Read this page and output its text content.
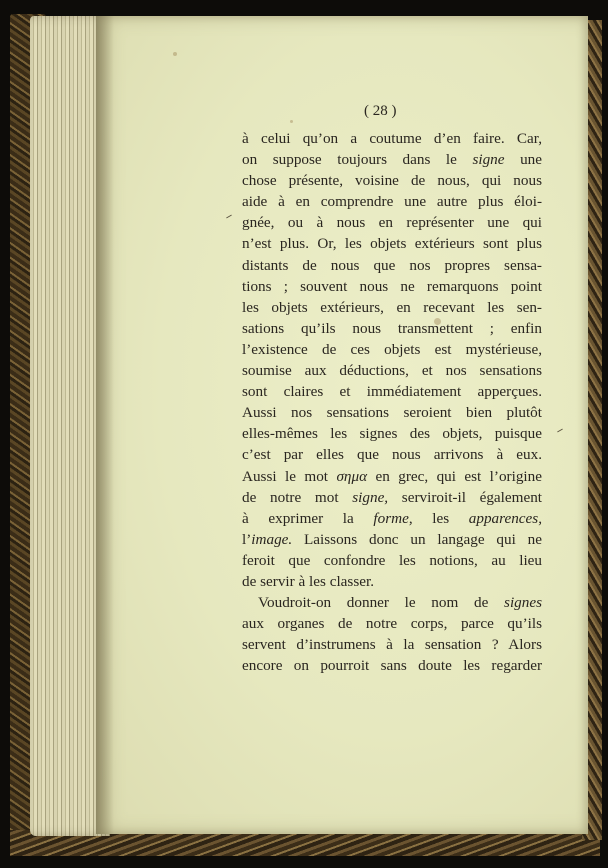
( 28 )
à celui qu’on a coutume d’en faire. Car,
on suppose toujours dans le signe une
chose présente, voisine de nous, qui nous
aide à en comprendre une autre plus éloi-
gnée, ou à nous en représenter une qui
n’est plus. Or, les objets extérieurs sont plus
distants de nous que nos propres sensa-
tions ; souvent nous ne remarquons point
les objets extérieurs, en recevant les sen-
sations qu’ils nous transmettent ; enfin
l’existence de ces objets est mystérieuse,
soumise aux déductions, et nos sensations
sont claires et immédiatement apperçues.
Aussi nos sensations seroient bien plutôt
elles-mêmes les signes des objets, puisque
c’est par elles que nous arrivons à eux.
Aussi le mot σημα en grec, qui est l’origine
de notre mot signe, serviroit-il également
à exprimer la forme, les apparences,
l’image. Laissons donc un langage qui ne
feroit que confondre les notions, au lieu
de servir à les classer.
Voudroit-on donner le nom de signes
aux organes de notre corps, parce qu’ils
servent d’instrumens à la sensation ? Alors
encore on pourroit sans doute les regarder
